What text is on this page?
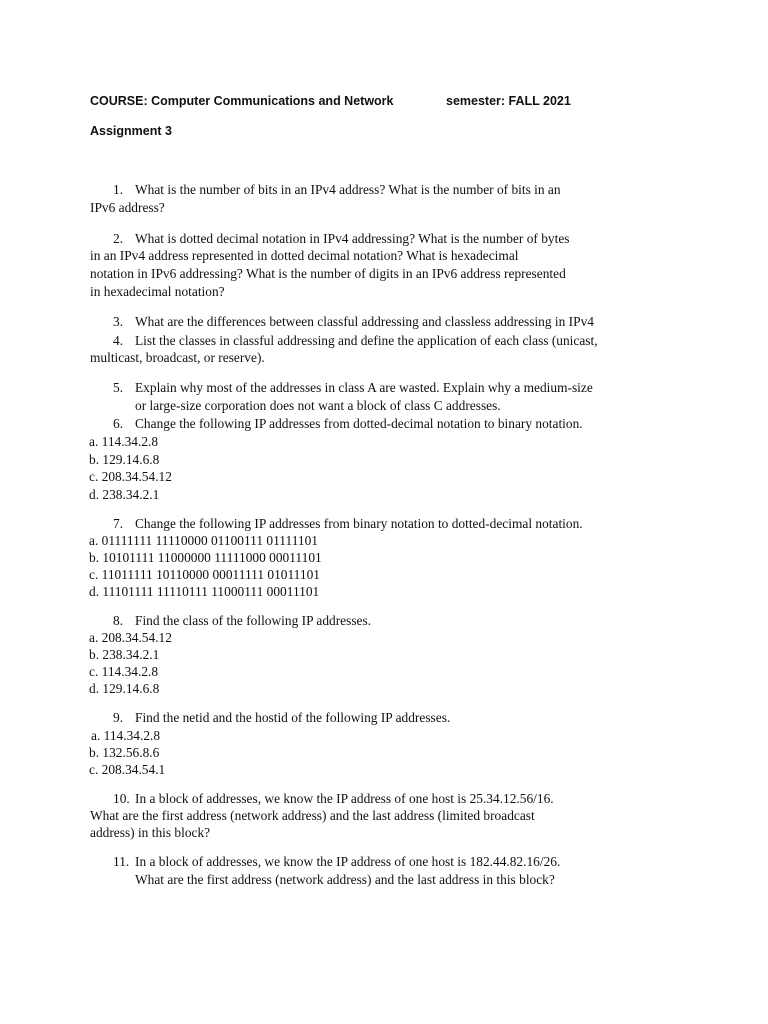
COURSE: Computer Communications and Network	semester: FALL 2021
Assignment 3
1. What is the number of bits in an IPv4 address? What is the number of bits in an
IPv6 address?
2. What is dotted decimal notation in IPv4 addressing? What is the number of bytes
in an IPv4 address represented in dotted decimal notation? What is hexadecimal
notation in IPv6 addressing? What is the number of digits in an IPv6 address represented
in hexadecimal notation?
3. What are the differences between classful addressing and classless addressing in IPv4
4. List the classes in classful addressing and define the application of each class (unicast,
multicast, broadcast, or reserve).
5. Explain why most of the addresses in class A are wasted. Explain why a medium-size
or large-size corporation does not want a block of class C addresses.
6. Change the following IP addresses from dotted-decimal notation to binary notation.
a. 114.34.2.8
b. 129.14.6.8
c. 208.34.54.12
d. 238.34.2.1
7. Change the following IP addresses from binary notation to dotted-decimal notation.
a. 01111111 11110000 01100111 01111101
b. 10101111 11000000 11111000 00011101
c. 11011111 10110000 00011111 01011101
d. 11101111 11110111 11000111 00011101
8. Find the class of the following IP addresses.
a. 208.34.54.12
b. 238.34.2.1
c. 114.34.2.8
d. 129.14.6.8
9. Find the netid and the hostid of the following IP addresses.
a. 114.34.2.8
b. 132.56.8.6
c. 208.34.54.1
10. In a block of addresses, we know the IP address of one host is 25.34.12.56/16.
What are the first address (network address) and the last address (limited broadcast
address) in this block?
11. In a block of addresses, we know the IP address of one host is 182.44.82.16/26.
What are the first address (network address) and the last address in this block?
